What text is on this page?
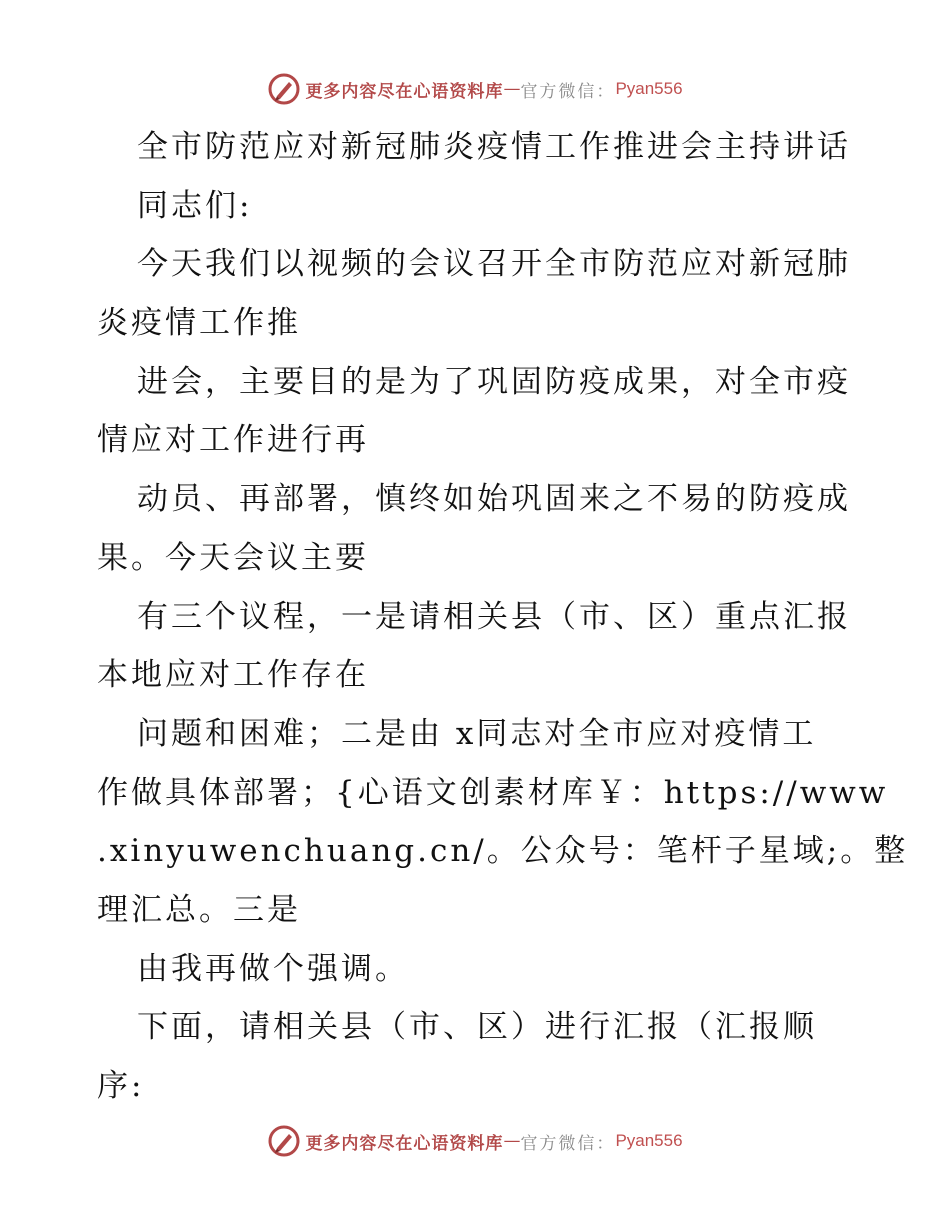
更多内容尽在心语资料库 — 官方微信： Pyan556
全市防范应对新冠肺炎疫情工作推进会主持讲话
同志们:
今天我们以视频的会议召开全市防范应对新冠肺
炎疫情工作推
进会，主要目的是为了巩固防疫成果，对全市疫
情应对工作进行再
动员、再部署，慎终如始巩固来之不易的防疫成
果。今天会议主要
有三个议程，一是请相关县（市、区）重点汇报
本地应对工作存在
问题和困难；二是由 x同志对全市应对疫情工
作做具体部署；{心语文创素材库￥：https://www
.xinyuwenchuang.cn/。公众号：笔杆子星域;。整
理汇总。三是
由我再做个强调。
下面，请相关县（市、区）进行汇报（汇报顺
序:
更多内容尽在心语资料库 — 官方微信： Pyan556
